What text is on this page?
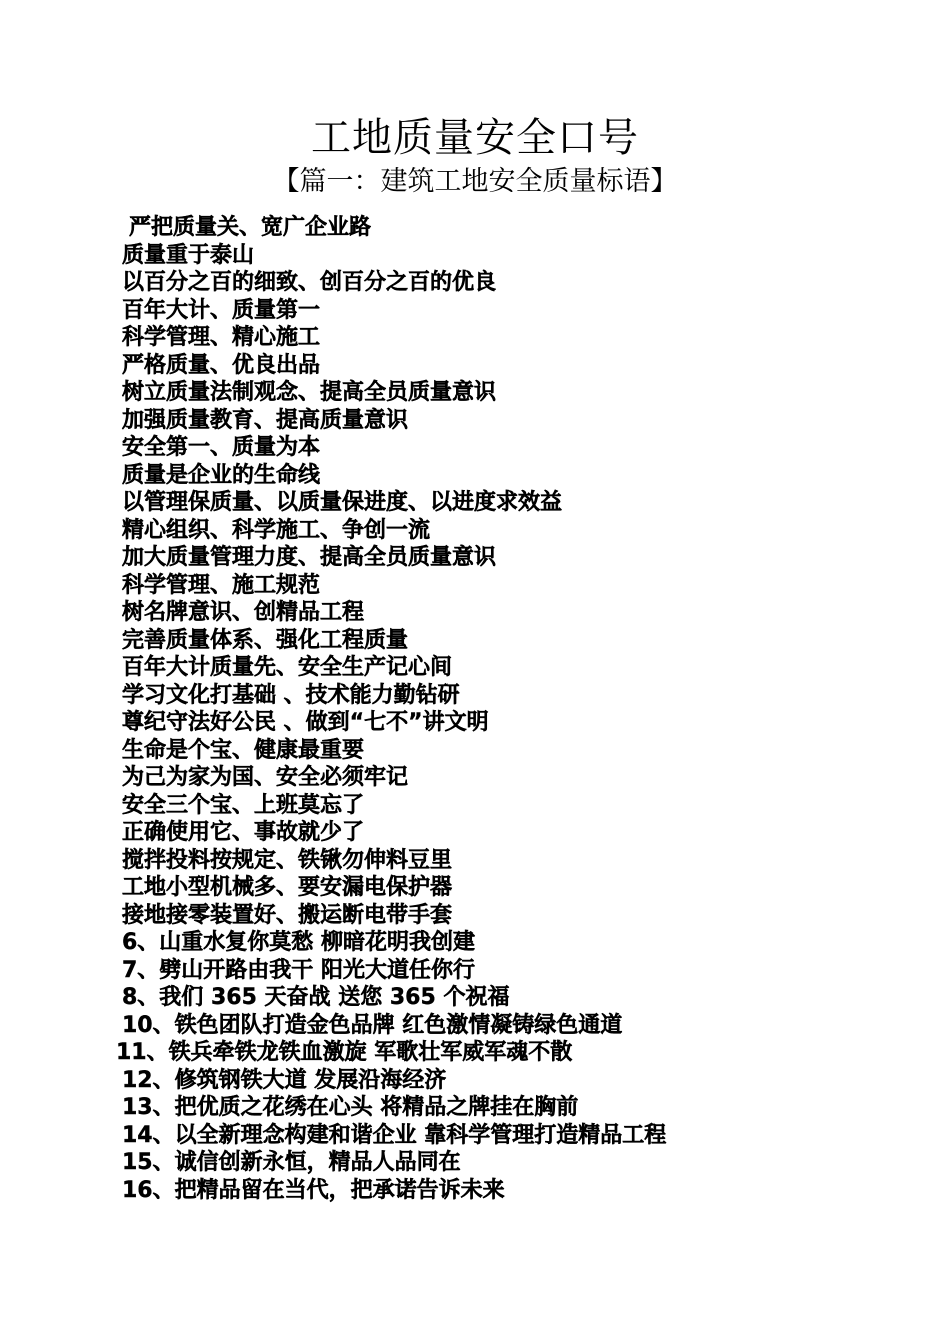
工地质量安全口号
【篇一：建筑工地安全质量标语】
严把质量关、宽广企业路
质量重于泰山
以百分之百的细致、创百分之百的优良
百年大计、质量第一
科学管理、精心施工
严格质量、优良出品
树立质量法制观念、提高全员质量意识
加强质量教育、提高质量意识
安全第一、质量为本
质量是企业的生命线
以管理保质量、以质量保进度、以进度求效益
精心组织、科学施工、争创一流
加大质量管理力度、提高全员质量意识
科学管理、施工规范
树名牌意识、创精品工程
完善质量体系、强化工程质量
百年大计质量先、安全生产记心间
学习文化打基础 、技术能力勤钻研
尊纪守法好公民 、做到“七不”讲文明
生命是个宝、健康最重要
为己为家为国、安全必须牢记
安全三个宝、上班莫忘了
正确使用它、事故就少了
搅拌投料按规定、铁锹勿伸料豆里
工地小型机械多、要安漏电保护器
接地接零装置好、搬运断电带手套
6、山重水复你莫愁 柳暗花明我创建
7、劈山开路由我干 阳光大道任你行
8、我们 365 天奋战 送您 365 个祝福
10、铁色团队打造金色品牌 红色激情凝铸绿色通道
11、铁兵牵铁龙铁血激旋 军歌壮军威军魂不散
12、修筑钢铁大道 发展沿海经济
13、把优质之花绣在心头 将精品之牌挂在胸前
14、以全新理念构建和谐企业 靠科学管理打造精品工程
15、诚信创新永恒，精品人品同在
16、把精品留在当代，把承诺告诉未来
